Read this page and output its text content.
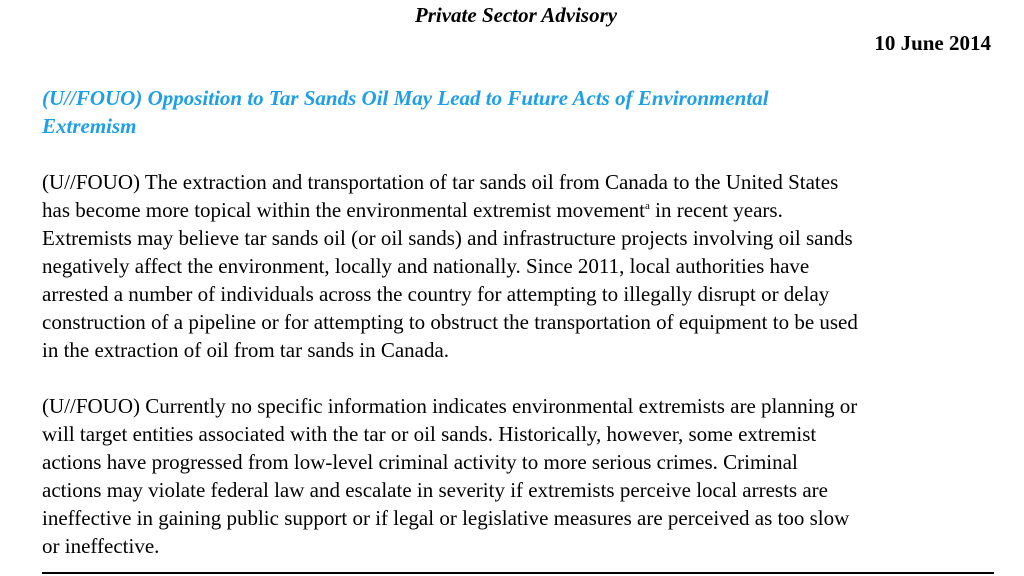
Private Sector Advisory
10 June 2014
(U//FOUO) Opposition to Tar Sands Oil May Lead to Future Acts of Environmental
Extremism

(U//FOUO) The extraction and transportation of tar sands oil from Canada to the United States
has become more topical within the environmental extremist movement$^a$ in recent years.
Extremists may believe tar sands oil (or oil sands) and infrastructure projects involving oil sands
negatively affect the environment, locally and nationally. Since 2011, local authorities have
arrested a number of individuals across the country for attempting to illegally disrupt or delay
construction of a pipeline or for attempting to obstruct the transportation of equipment to be used
in the extraction of oil from tar sands in Canada.

(U//FOUO) Currently no specific information indicates environmental extremists are planning or
will target entities associated with the tar or oil sands. Historically, however, some extremist
actions have progressed from low-level criminal activity to more serious crimes. Criminal
actions may violate federal law and escalate in severity if extremists perceive local arrests are
ineffective in gaining public support or if legal or legislative measures are perceived as too slow
or ineffective.
